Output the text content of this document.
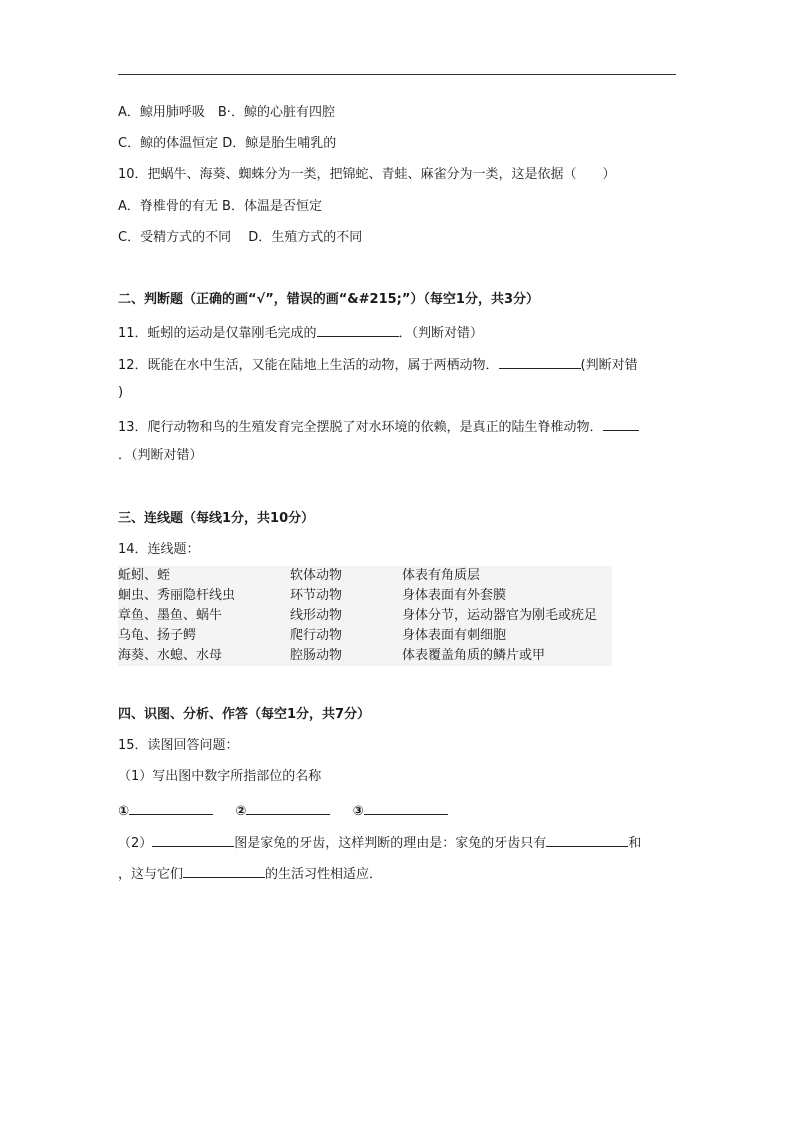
A．鲸用肺呼吸　B·．鲸的心脏有四腔
C．鲸的体温恒定 D．鲸是胎生哺乳的
10．把蜗牛、海葵、蜘蛛分为一类，把锦蛇、青蛙、麻雀分为一类，这是依据（　　）
A．脊椎骨的有无 B．体温是否恒定
C．受精方式的不同　 D．生殖方式的不同
二、判断题（正确的画“√”，错误的画“&#215;”）（每空1分，共3分）
11．蚯蚓的运动是仅靠刚毛完成的	．（判断对错）
12．既能在水中生活，又能在陆地上生活的动物，属于两栖动物．	(判断对错
)
13．爬行动物和鸟的生殖发育完全摆脱了对水环境的依赖，是真正的陆生脊椎动物．
．（判断对错）
三、连线题（每线1分，共10分）
14．连线题：
蚯蚓、蛭	软体动物	体表有角质层
蛔虫、秀丽隐杆线虫	环节动物	身体表面有外套膜
章鱼、墨鱼、蜗牛	线形动物	身体分节，运动器官为刚毛或疣足
乌龟、扬子鳄	爬行动物	身体表面有刺细胞
海葵、水螅、水母	腔肠动物	体表覆盖角质的鳞片或甲
四、识图、分析、作答（每空1分，共7分）
15．读图回答问题：
（1）写出图中数字所指部位的名称
①	②	③
（2）	图是家兔的牙齿，这样判断的理由是：家兔的牙齿只有	和
，这与它们	的生活习性相适应．
